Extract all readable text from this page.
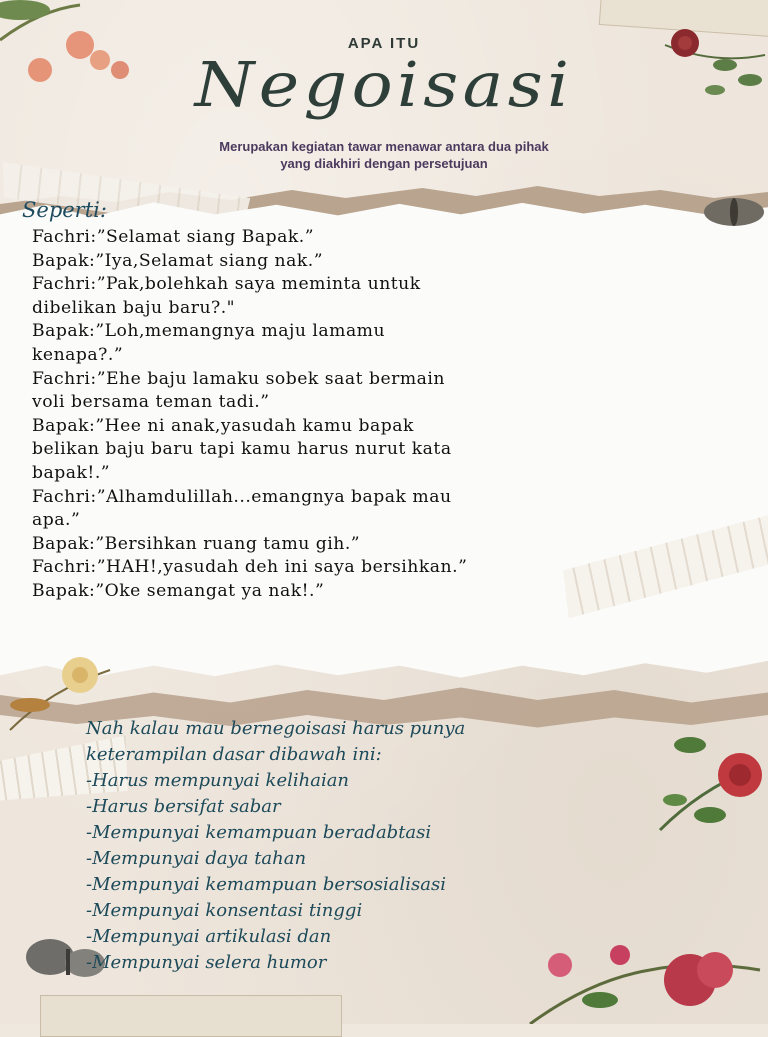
APA ITU
Negoisasi
Merupakan kegiatan tawar menawar antara dua pihak
yang diakhiri dengan persetujuan
Seperti:
Fachri:”Selamat siang Bapak.”
Bapak:”Iya,Selamat siang nak.”
Fachri:”Pak,bolehkah saya meminta untuk
dibelikan baju baru?."
Bapak:”Loh,memangnya maju lamamu
kenapa?.”
Fachri:”Ehe baju lamaku sobek saat bermain
voli bersama teman tadi.”
Bapak:”Hee ni anak,yasudah kamu bapak
belikan baju baru tapi kamu harus nurut kata
bapak!.”
Fachri:”Alhamdulillah...emangnya bapak mau
apa.”
Bapak:”Bersihkan ruang tamu gih.”
Fachri:”HAH!,yasudah deh ini saya bersihkan.”
Bapak:”Oke semangat ya nak!.”
Nah kalau mau bernegoisasi harus punya
keterampilan dasar dibawah ini:
-Harus mempunyai kelihaian
-Harus bersifat sabar
-Mempunyai kemampuan beradabtasi
-Mempunyai daya tahan
-Mempunyai kemampuan bersosialisasi
-Mempunyai konsentasi tinggi
-Mempunyai artikulasi dan
-Mempunyai selera humor
